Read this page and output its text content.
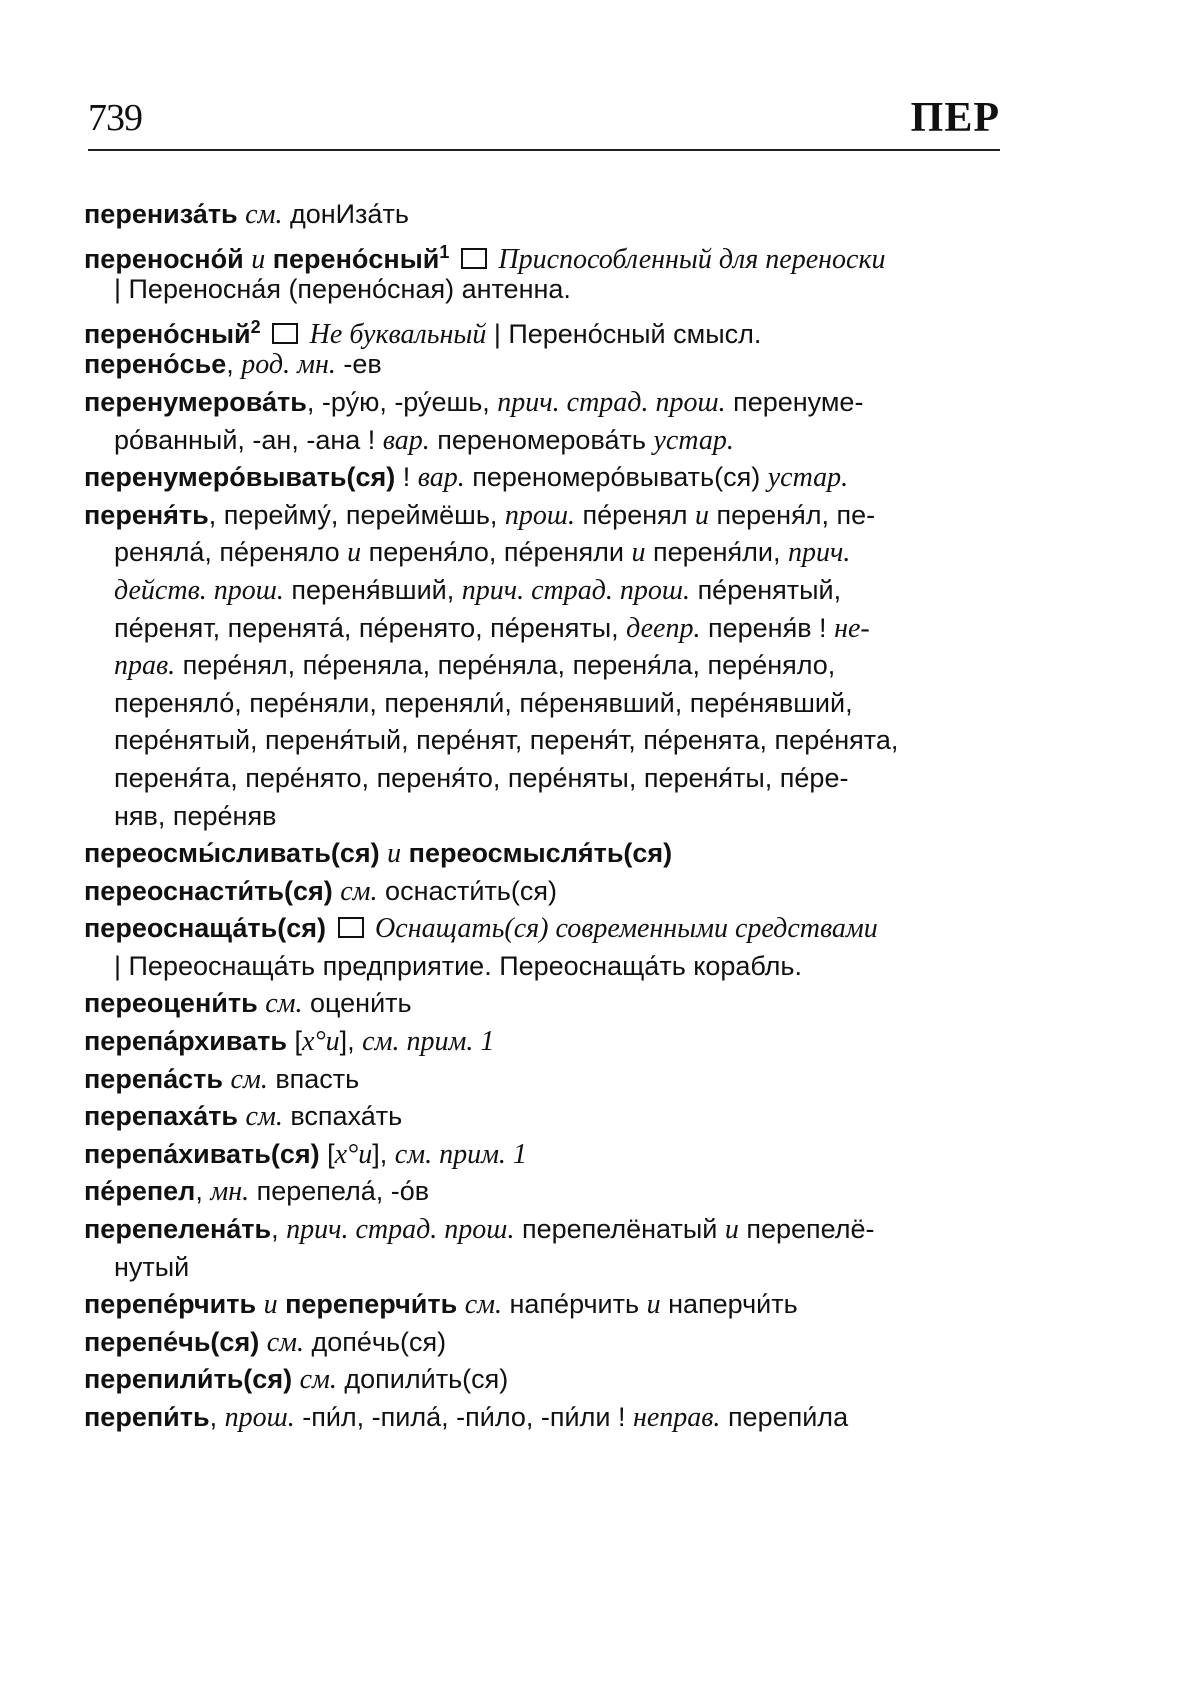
739	ПЕР
перениза́ть см. донИза́ть
переносно́й и перено́сный$^1$ Приспособленный для переноски
| Переносна́я (перено́сная) антенна.
перено́сный$^2$ Не буквальный | Перено́сный смысл.
перено́сье, род. мн. -ев
перенумерова́ть, -ру́ю, -ру́ешь, прич. страд. прош. перенуме-
ро́ванный, -ан, -ана ! вар. переномерова́ть устар.
перенумеро́вывать(ся) ! вар. переномеро́вывать(ся) устар.
переня́ть, перейму́, переймёшь, прош. пе́ренял и переня́л, пе-
реняла́, пе́реняло и переня́ло, пе́реняли и переня́ли, прич.
действ. прош. переня́вший, прич. страд. прош. пе́ренятый,
пе́ренят, перенята́, пе́ренято, пе́реняты, деепр. переня́в ! не-
прав. пере́нял, пе́реняла, пере́няла, переня́ла, пере́няло,
переняло́, пере́няли, переняли́, пе́ренявший, пере́нявший,
пере́нятый, переня́тый, пере́нят, переня́т, пе́ренята, пере́нята,
переня́та, пере́нято, переня́то, пере́няты, переня́ты, пе́ре-
няв, пере́няв
переосмы́сливать(ся) и переосмысля́ть(ся)
переоснасти́ть(ся) см. оснасти́ть(ся)
переоснаща́ть(ся) Оснащать(ся) современными средствами
| Переоснаща́ть предприятие. Переоснаща́ть корабль.
переоцени́ть см. оцени́ть
перепа́рхивать [х°и], см. прим. 1
перепа́сть см. впасть
перепаха́ть см. вспаха́ть
перепа́хивать(ся) [х°и], см. прим. 1
пе́репел, мн. перепела́, -о́в
перепелена́ть, прич. страд. прош. перепелёнатый и перепелё-
нутый
перепе́рчить и переперчи́ть см. напе́рчить и наперчи́ть
перепе́чь(ся) см. допе́чь(ся)
перепили́ть(ся) см. допили́ть(ся)
перепи́ть, прош. -пи́л, -пила́, -пи́ло, -пи́ли ! неправ. перепи́ла
